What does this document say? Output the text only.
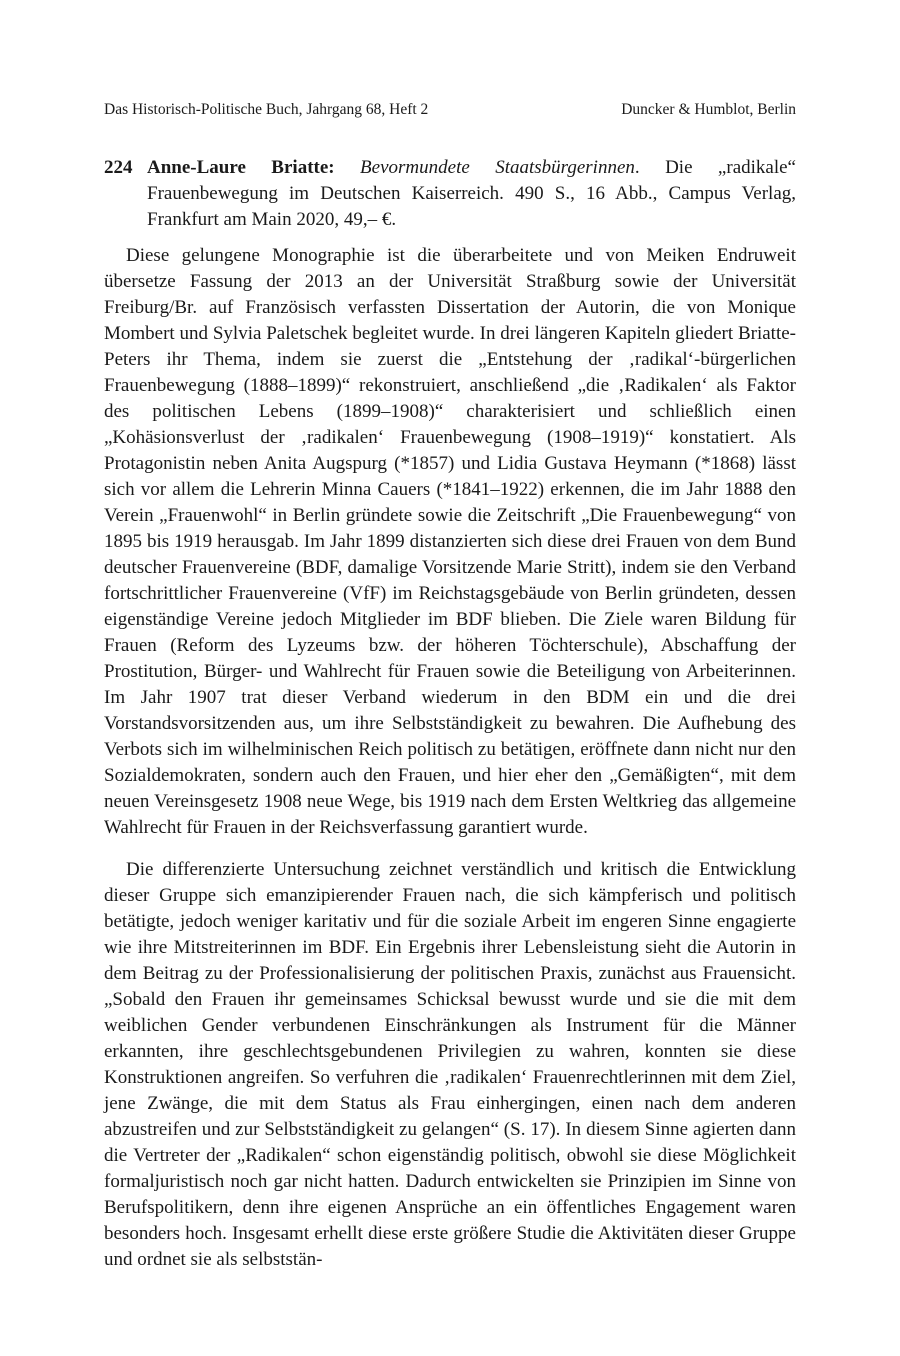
Das Historisch-Politische Buch, Jahrgang 68, Heft 2	Duncker & Humblot, Berlin
224 Anne-Laure Briatte: Bevormundete Staatsbürgerinnen. Die „radikale“ Frauenbewegung im Deutschen Kaiserreich. 490 S., 16 Abb., Campus Verlag, Frankfurt am Main 2020, 49,– €.

Diese gelungene Monographie ist die überarbeitete und von Meiken Endruweit übersetze Fassung der 2013 an der Universität Straßburg sowie der Universität Freiburg/Br. auf Französisch verfassten Dissertation der Autorin, die von Monique Mombert und Sylvia Paletschek begleitet wurde. In drei längeren Kapiteln gliedert Briatte-Peters ihr Thema, indem sie zuerst die „Entstehung der ‚radikal‘-bürgerlichen Frauenbewegung (1888–1899)“ rekonstruiert, anschließend „die ‚Radikalen‘ als Faktor des politischen Lebens (1899–1908)“ charakterisiert und schließlich einen „Kohäsionsverlust der ‚radikalen‘ Frauenbewegung (1908–1919)“ konstatiert. Als Protagonistin neben Anita Augspurg (*1857) und Lidia Gustava Heymann (*1868) lässt sich vor allem die Lehrerin Minna Cauers (*1841–1922) erkennen, die im Jahr 1888 den Verein „Frauenwohl“ in Berlin gründete sowie die Zeitschrift „Die Frauenbewegung“ von 1895 bis 1919 herausgab. Im Jahr 1899 distanzierten sich diese drei Frauen von dem Bund deutscher Frauenvereine (BDF, damalige Vorsitzende Marie Stritt), indem sie den Verband fortschrittlicher Frauenvereine (VfF) im Reichstagsgebäude von Berlin gründeten, dessen eigenständige Vereine jedoch Mitglieder im BDF blieben. Die Ziele waren Bildung für Frauen (Reform des Lyzeums bzw. der höheren Töchterschule), Abschaffung der Prostitution, Bürger- und Wahlrecht für Frauen sowie die Beteiligung von Arbeiterinnen. Im Jahr 1907 trat dieser Verband wiederum in den BDM ein und die drei Vorstandsvorsitzenden aus, um ihre Selbstständigkeit zu bewahren. Die Aufhebung des Verbots sich im wilhelminischen Reich politisch zu betätigen, eröffnete dann nicht nur den Sozialdemokraten, sondern auch den Frauen, und hier eher den „Gemäßigten“, mit dem neuen Vereinsgesetz 1908 neue Wege, bis 1919 nach dem Ersten Weltkrieg das allgemeine Wahlrecht für Frauen in der Reichsverfassung garantiert wurde.

Die differenzierte Untersuchung zeichnet verständlich und kritisch die Entwicklung dieser Gruppe sich emanzipierender Frauen nach, die sich kämpferisch und politisch betätigte, jedoch weniger karitativ und für die soziale Arbeit im engeren Sinne engagierte wie ihre Mitstreiterinnen im BDF. Ein Ergebnis ihrer Lebensleistung sieht die Autorin in dem Beitrag zu der Professionalisierung der politischen Praxis, zunächst aus Frauensicht. „Sobald den Frauen ihr gemeinsames Schicksal bewusst wurde und sie die mit dem weiblichen Gender verbundenen Einschränkungen als Instrument für die Männer erkannten, ihre geschlechtsgebundenen Privilegien zu wahren, konnten sie diese Konstruktionen angreifen. So verfuhren die ‚radikalen‘ Frauenrechtlerinnen mit dem Ziel, jene Zwänge, die mit dem Status als Frau einhergingen, einen nach dem anderen abzustreifen und zur Selbstständigkeit zu gelangen“ (S. 17). In diesem Sinne agierten dann die Vertreter der „Radikalen“ schon eigenständig politisch, obwohl sie diese Möglichkeit formaljuristisch noch gar nicht hatten. Dadurch entwickelten sie Prinzipien im Sinne von Berufspolitikern, denn ihre eigenen Ansprüche an ein öffentliches Engagement waren besonders hoch. Insgesamt erhellt diese erste größere Studie die Aktivitäten dieser Gruppe und ordnet sie als selbststän-
